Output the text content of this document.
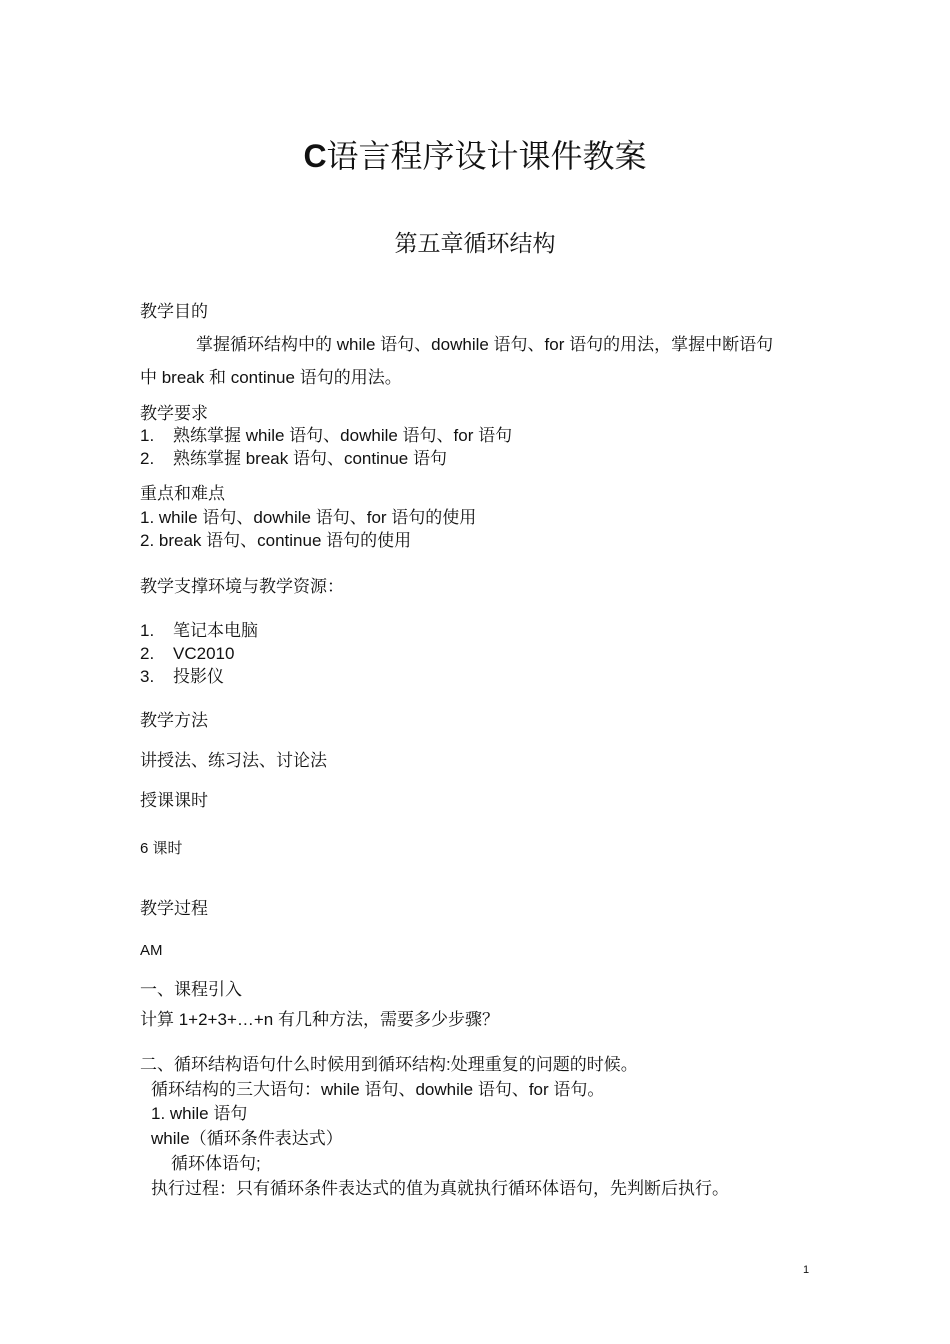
C语言程序设计课件教案
第五章循环结构
教学目的
掌握循环结构中的 while 语句、dowhile 语句、for 语句的用法，掌握中断语句
中 break 和 continue 语句的用法。
教学要求
1. 熟练掌握 while 语句、dowhile 语句、for 语句
2. 熟练掌握 break 语句、continue 语句
重点和难点
1. while 语句、dowhile 语句、for 语句的使用
2. break 语句、continue 语句的使用
教学支撑环境与教学资源：
1. 笔记本电脑
2. VC2010
3. 投影仪
教学方法
讲授法、练习法、讨论法
授课课时
6 课时
教学过程
AM
一、课程引入
计算 1+2+3+…+n 有几种方法，需要多少步骤？
二、循环结构语句什么时候用到循环结构:处理重复的问题的时候。
循环结构的三大语句：while 语句、dowhile 语句、for 语句。
1. while 语句
while（循环条件表达式）
循环体语句;
执行过程：只有循环条件表达式的值为真就执行循环体语句，先判断后执行。
1
